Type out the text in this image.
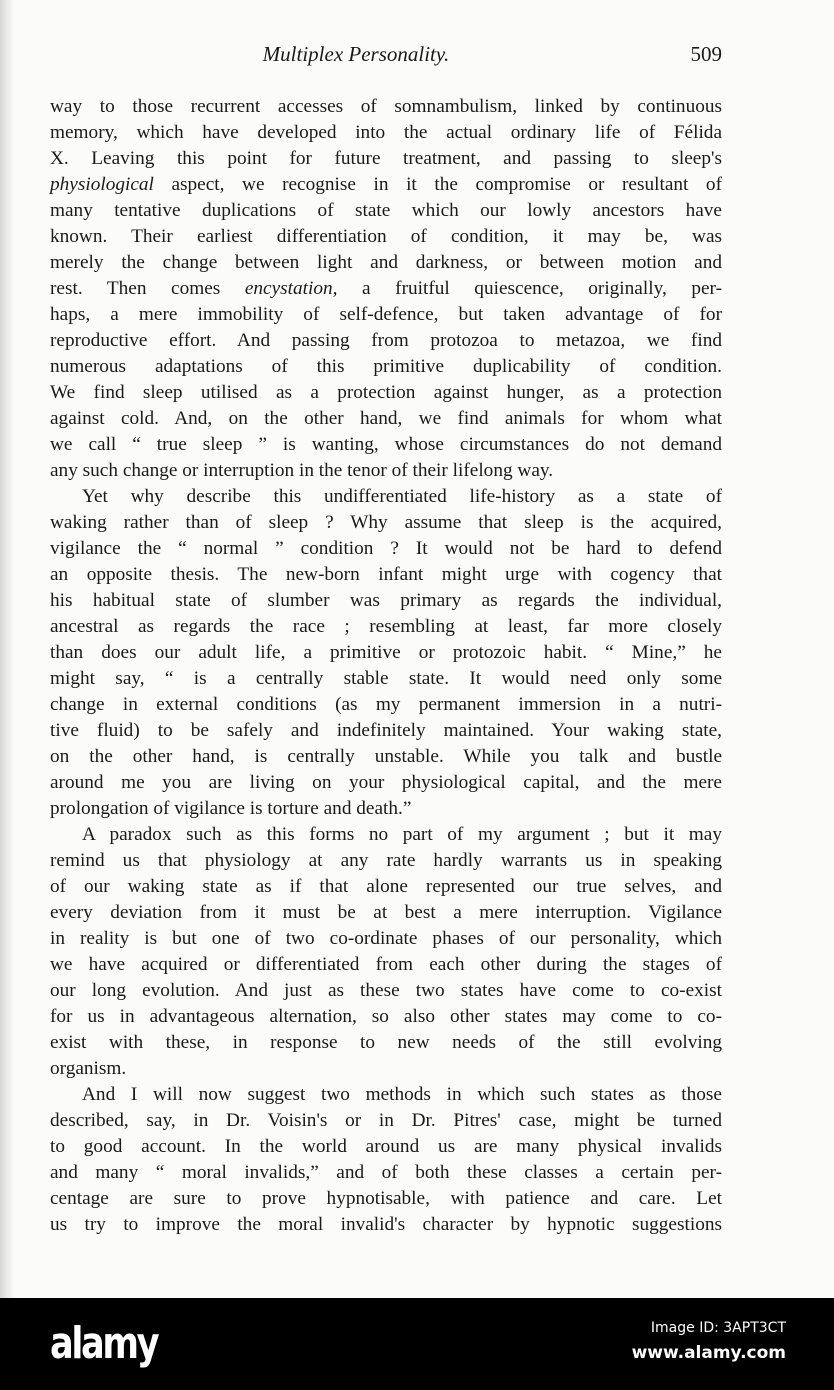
Multiplex Personality.	509
way to those recurrent accesses of somnambulism, linked by continuous
memory, which have developed into the actual ordinary life of Félida
X. Leaving this point for future treatment, and passing to sleep's
physiological aspect, we recognise in it the compromise or resultant of
many tentative duplications of state which our lowly ancestors have
known. Their earliest differentiation of condition, it may be, was
merely the change between light and darkness, or between motion and
rest. Then comes encystation, a fruitful quiescence, originally, per-
haps, a mere immobility of self-defence, but taken advantage of for
reproductive effort. And passing from protozoa to metazoa, we find
numerous adaptations of this primitive duplicability of condition.
We find sleep utilised as a protection against hunger, as a protection
against cold. And, on the other hand, we find animals for whom what
we call “ true sleep ” is wanting, whose circumstances do not demand
any such change or interruption in the tenor of their lifelong way.
Yet why describe this undifferentiated life-history as a state of
waking rather than of sleep ? Why assume that sleep is the acquired,
vigilance the “ normal ” condition ? It would not be hard to defend
an opposite thesis. The new-born infant might urge with cogency that
his habitual state of slumber was primary as regards the individual,
ancestral as regards the race ; resembling at least, far more closely
than does our adult life, a primitive or protozoic habit. “ Mine,” he
might say, “ is a centrally stable state. It would need only some
change in external conditions (as my permanent immersion in a nutri-
tive fluid) to be safely and indefinitely maintained. Your waking state,
on the other hand, is centrally unstable. While you talk and bustle
around me you are living on your physiological capital, and the mere
prolongation of vigilance is torture and death.”
A paradox such as this forms no part of my argument ; but it may
remind us that physiology at any rate hardly warrants us in speaking
of our waking state as if that alone represented our true selves, and
every deviation from it must be at best a mere interruption. Vigilance
in reality is but one of two co-ordinate phases of our personality, which
we have acquired or differentiated from each other during the stages of
our long evolution. And just as these two states have come to co-exist
for us in advantageous alternation, so also other states may come to co-
exist with these, in response to new needs of the still evolving
organism.
And I will now suggest two methods in which such states as those
described, say, in Dr. Voisin's or in Dr. Pitres' case, might be turned
to good account. In the world around us are many physical invalids
and many “ moral invalids,” and of both these classes a certain per-
centage are sure to prove hypnotisable, with patience and care. Let
us try to improve the moral invalid's character by hypnotic suggestions
alamy	Image ID: 3APT3CT
www.alamy.com
